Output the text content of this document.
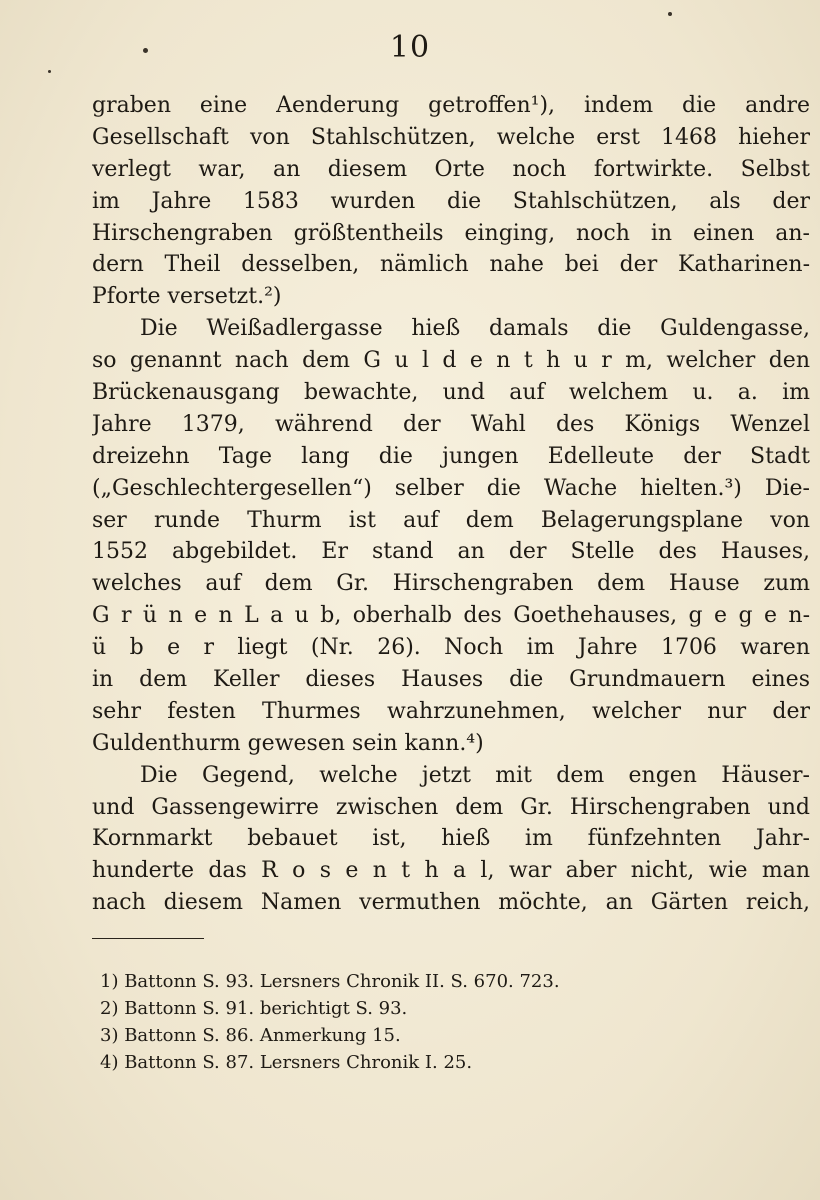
10
graben eine Aenderung getroffen¹), indem die andre
Gesellschaft von Stahlschützen, welche erst 1468 hieher
verlegt war, an diesem Orte noch fortwirkte. Selbst
im Jahre 1583 wurden die Stahlschützen, als der
Hirschengraben größtentheils einging, noch in einen an-
dern Theil desselben, nämlich nahe bei der Katharinen-
Pforte versetzt.²)
Die Weißadlergasse hieß damals die Guldengasse,
so genannt nach dem G u l d e n t h u r m, welcher den
Brückenausgang bewachte, und auf welchem u. a. im
Jahre 1379, während der Wahl des Königs Wenzel
dreizehn Tage lang die jungen Edelleute der Stadt
(„Geschlechtergesellen“) selber die Wache hielten.³) Die-
ser runde Thurm ist auf dem Belagerungsplane von
1552 abgebildet. Er stand an der Stelle des Hauses,
welches auf dem Gr. Hirschengraben dem Hause zum
G r ü n e n L a u b, oberhalb des Goethehauses, g e g e n-
ü b e r liegt (Nr. 26). Noch im Jahre 1706 waren
in dem Keller dieses Hauses die Grundmauern eines
sehr festen Thurmes wahrzunehmen, welcher nur der
Guldenthurm gewesen sein kann.⁴)
Die Gegend, welche jetzt mit dem engen Häuser-
und Gassengewirre zwischen dem Gr. Hirschengraben und
Kornmarkt bebauet ist, hieß im fünfzehnten Jahr-
hunderte das R o s e n t h a l, war aber nicht, wie man
nach diesem Namen vermuthen möchte, an Gärten reich,
1) Battonn S. 93. Lersners Chronik II. S. 670. 723.
2) Battonn S. 91. berichtigt S. 93.
3) Battonn S. 86. Anmerkung 15.
4) Battonn S. 87. Lersners Chronik I. 25.
